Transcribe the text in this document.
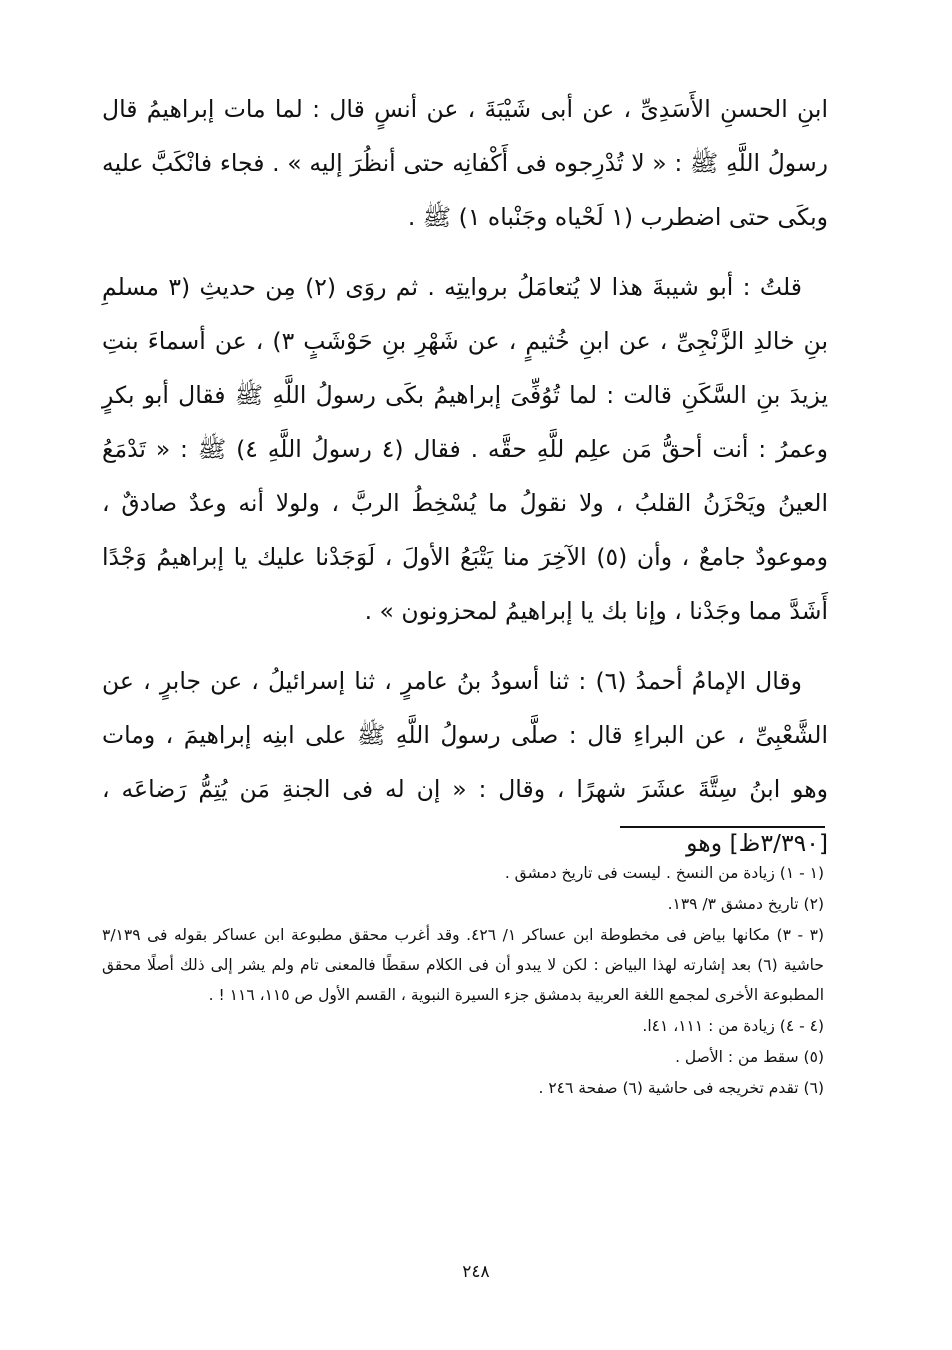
ابنِ الحسنِ الأَسَدِىِّ ، عن أبى شَيْبَةَ ، عن أنسٍ قال : لما مات إبراهيمُ قال رسولُ اللَّهِ ﷺ : « لا تُدْرِجوه فى أَكْفانِه حتى أنظُرَ إليه » . فجاء فانْكَبَّ عليه وبكَى حتى اضطرب (١ لَحْياه وجَنْباه ١) ﷺ .

قلتُ : أبو شيبةَ هذا لا يُتعامَلُ بروايتِه . ثم روَى (٢) مِن حديثِ (٣ مسلمِ بنِ خالدِ الزَّنْجِىِّ ، عن ابنِ خُثيمٍ ، عن شَهْرِ بنِ حَوْشَبٍ ٣) ، عن أسماءَ بنتِ يزيدَ بنِ السَّكَنِ قالت : لما تُوُفِّىَ إبراهيمُ بكَى رسولُ اللَّهِ ﷺ فقال أبو بكرٍ وعمرُ : أنت أحقُّ مَن علِم للَّهِ حقَّه . فقال (٤ رسولُ اللَّهِ ٤) ﷺ : « تَدْمَعُ العينُ ويَحْزَنُ القلبُ ، ولا نقولُ ما يُسْخِطُ الربَّ ، ولولا أنه وعدٌ صادقٌ ، وموعودٌ جامعٌ ، وأن (٥) الآخِرَ منا يَتْبَعُ الأولَ ، لَوَجَدْنا عليك يا إبراهيمُ وَجْدًا أَشَدَّ مما وجَدْنا ، وإنا بك يا إبراهيمُ لمحزونون » .

وقال الإمامُ أحمدُ (٦) : ثنا أسودُ بنُ عامرٍ ، ثنا إسرائيلُ ، عن جابرٍ ، عن الشَّعْبِىِّ ، عن البراءِ قال : صلَّى رسولُ اللَّهِ ﷺ على ابنِه إبراهيمَ ، ومات وهو ابنُ سِتَّةَ عشَرَ شهرًا ، وقال : « إن له فى الجنةِ مَن يُتِمُّ رَضاعَه ، [٣/٣٩٠ظ] وهو

(١ - ١) زيادة من النسخ . ليست فى تاريخ دمشق .
(٢) تاريخ دمشق ٣/ ١٣٩.
(٣ - ٣) مكانها بياض فى مخطوطة ابن عساكر ١/ ٤٢٦. وقد أغرب محقق مطبوعة ابن عساكر بقوله فى ٣/١٣٩ حاشية (٦) بعد إشارته لهذا البياض : لكن لا يبدو أن فى الكلام سقطًا فالمعنى تام ولم يشر إلى ذلك أصلًا محقق المطبوعة الأخرى لمجمع اللغة العربية بدمشق جزء السيرة النبوية ، القسم الأول ص ١١٥، ١١٦ ! .
(٤ - ٤) زيادة من : ١١١، ٤١ا.
(٥) سقط من : الأصل .
(٦) تقدم تخريجه فى حاشية (٦) صفحة ٢٤٦ .
٢٤٨
